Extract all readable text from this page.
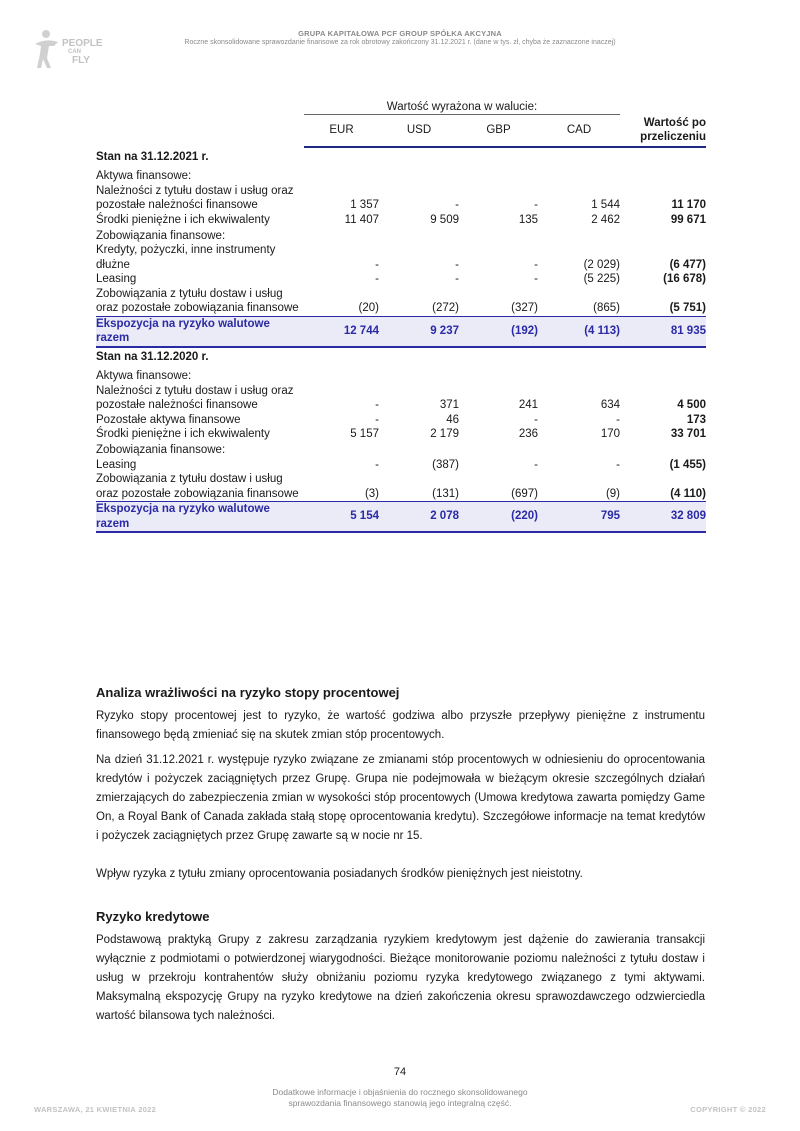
PEOPLE
CAN
FLY
GRUPA KAPITAŁOWA PCF GROUP SPÓŁKA AKCYJNA
Roczne skonsolidowane sprawozdanie finansowe za rok obrotowy zakończony 31.12.2021 r. (dane w tys. zł, chyba że zaznaczone inaczej)
	Wartość wyrażona w walucie:				
	EUR	USD	GBP	CAD	Wartość po przeliczeniu
Stan na 31.12.2021 r.					
Aktywa finansowe:					
Należności z tytułu dostaw i usług oraz pozostałe należności finansowe	1 357	-	-	1 544	11 170
Środki pieniężne i ich ekwiwalenty	11 407	9 509	135	2 462	99 671
Zobowiązania finansowe:					
Kredyty, pożyczki, inne instrumenty dłużne	-	-	-	(2 029)	(6 477)
Leasing	-	-	-	(5 225)	(16 678)
Zobowiązania z tytułu dostaw i usług oraz pozostałe zobowiązania finansowe	(20)	(272)	(327)	(865)	(5 751)
Ekspozycja na ryzyko walutowe razem	12 744	9 237	(192)	(4 113)	81 935
Stan na 31.12.2020 r.					
Aktywa finansowe:					
Należności z tytułu dostaw i usług oraz pozostałe należności finansowe	-	371	241	634	4 500
Pozostałe aktywa finansowe	-	46	-	-	173
Środki pieniężne i ich ekwiwalenty	5 157	2 179	236	170	33 701
Zobowiązania finansowe:					
Leasing	-	(387)	-	-	(1 455)
Zobowiązania z tytułu dostaw i usług oraz pozostałe zobowiązania finansowe	(3)	(131)	(697)	(9)	(4 110)
Ekspozycja na ryzyko walutowe razem	5 154	2 078	(220)	795	32 809
Analiza wrażliwości na ryzyko stopy procentowej

Ryzyko stopy procentowej jest to ryzyko, że wartość godziwa albo przyszłe przepływy pieniężne z instrumentu finansowego będą zmieniać się na skutek zmian stóp procentowych.

Na dzień 31.12.2021 r. występuje ryzyko związane ze zmianami stóp procentowych w odniesieniu do oprocentowania kredytów i pożyczek zaciągniętych przez Grupę. Grupa nie podejmowała w bieżącym okresie szczególnych działań zmierzających do zabezpieczenia zmian w wysokości stóp procentowych (Umowa kredytowa zawarta pomiędzy Game On, a Royal Bank of Canada zakłada stałą stopę oprocentowania kredytu). Szczegółowe informacje na temat kredytów i pożyczek zaciągniętych przez Grupę zawarte są w nocie nr 15.

Wpływ ryzyka z tytułu zmiany oprocentowania posiadanych środków pieniężnych jest nieistotny.

Ryzyko kredytowe

Podstawową praktyką Grupy z zakresu zarządzania ryzykiem kredytowym jest dążenie do zawierania transakcji wyłącznie z podmiotami o potwierdzonej wiarygodności. Bieżące monitorowanie poziomu należności z tytułu dostaw i usług w przekroju kontrahentów służy obniżaniu poziomu ryzyka kredytowego związanego z tymi aktywami. Maksymalną ekspozycję Grupy na ryzyko kredytowe na dzień zakończenia okresu sprawozdawczego odzwierciedla wartość bilansowa tych należności.

74
Dodatkowe informacje i objaśnienia do rocznego skonsolidowanego
sprawozdania finansowego stanowią jego integralną część.
WARSZAWA, 21 KWIETNIA 2022	COPYRIGHT © 2022
